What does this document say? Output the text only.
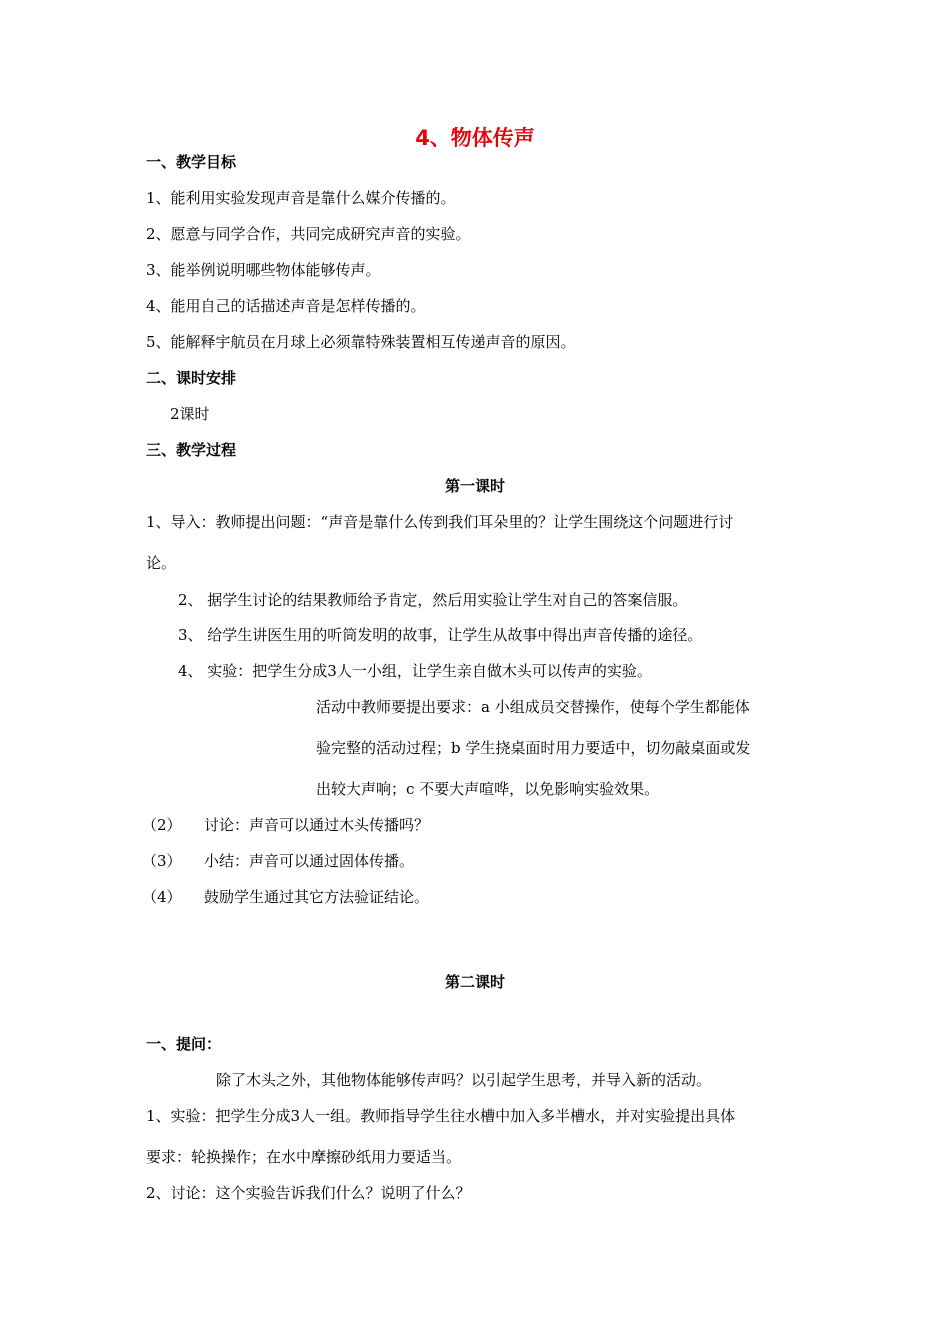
4、物体传声
一、教学目标
1、能利用实验发现声音是靠什么媒介传播的。
2、愿意与同学合作，共同完成研究声音的实验。
3、能举例说明哪些物体能够传声。
4、能用自己的话描述声音是怎样传播的。
5、能解释宇航员在月球上必须靠特殊装置相互传递声音的原因。
二、课时安排
2课时
三、教学过程
第一课时
1、导入：教师提出问题：“声音是靠什么传到我们耳朵里的？让学生围绕这个问题进行讨
论。
2、 据学生讨论的结果教师给予肯定，然后用实验让学生对自己的答案信服。
3、 给学生讲医生用的听筒发明的故事，让学生从故事中得出声音传播的途径。
4、 实验：把学生分成3人一小组，让学生亲自做木头可以传声的实验。
活动中教师要提出要求：a 小组成员交替操作，使每个学生都能体
验完整的活动过程；b 学生挠桌面时用力要适中，切勿敲桌面或发
出较大声响；c 不要大声喧哗，以免影响实验效果。
（2） 讨论：声音可以通过木头传播吗？
（3） 小结：声音可以通过固体传播。
（4） 鼓励学生通过其它方法验证结论。
第二课时
一、提问：
除了木头之外，其他物体能够传声吗？以引起学生思考，并导入新的活动。
1、实验：把学生分成3人一组。教师指导学生往水槽中加入多半槽水，并对实验提出具体
要求：轮换操作；在水中摩擦砂纸用力要适当。
2、讨论：这个实验告诉我们什么？说明了什么？
